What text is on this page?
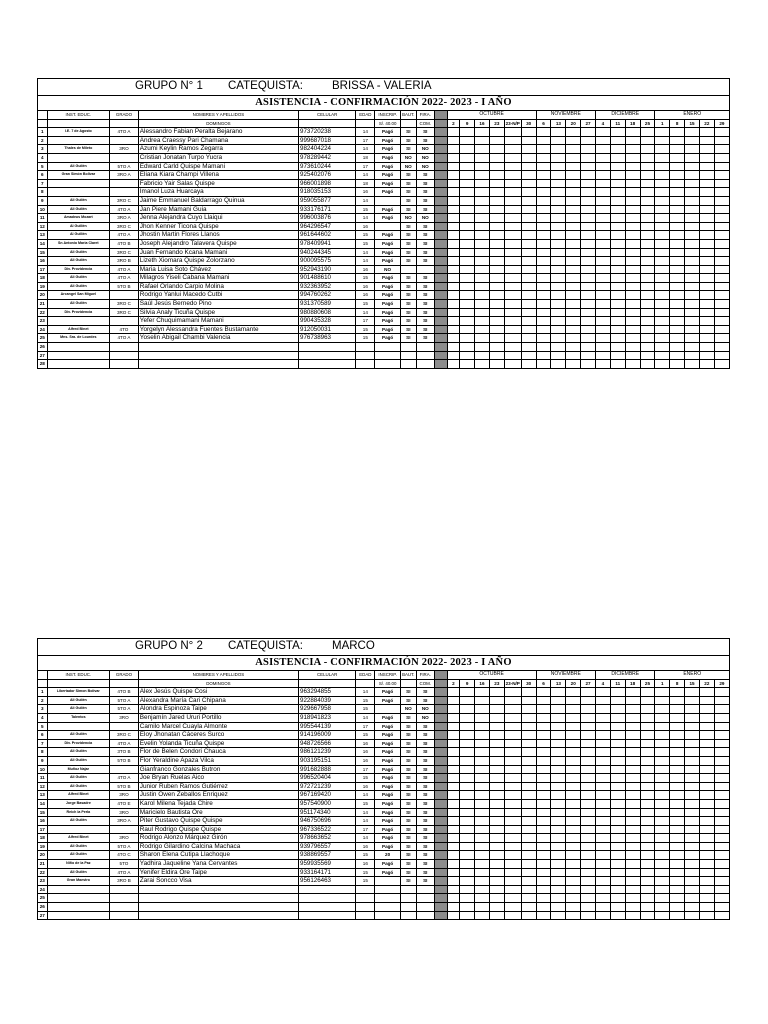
GRUPO N° 1 CATEQUISTA:	BRISSA - VALERIA
ASISTENCIA - CONFIRMACIÓN 2022- 2023 - I AÑO
	INST. EDUC.	GRADO	NOMBRES Y APELLIDOS	CELULAR	EDAD	INSCRIP.	BAUT.	FIRA.		OCTUBRE						NOVIEMBRE				DICIEMBRE				ENERO				
			DOMINGOS			S/. 40.00		COM.		2	9	16	23	23-N/P	30	6	13	20	27	4	11	18	25	1	8	15	22	29
1	I.E. 7 de Agosto	4TO A	Alessandro Fabian Peralta Bejarano	973720238	14	Pagó	SI	SI																				
2			Andrea Craessy Pari Chamana	999687018	17	Pagó	SI	SI																				
3	Thales de Mileto	3RO	Azumi Keylin Ramos Zegarra	982404224	14	Pagó	SI	NO																				
4			Cristian Jonatan Turpo Yucra	978289442	18	Pagó	NO	NO																				
5	Ali Guilén	5TO A	Edward Carld Quispe Mamani	973610244	17	Pagó	NO	NO																				
6	Gran Simón Bolivar	3RO A	Eliana Kiara Champi Villena	925402076	14	Pagó	SI	SI																				
7			Fabricio Yair Salas Quispe	966001898	18	Pagó	SI	SI																				
8			Imanol Luza Huarcaya	918035153	16	Pagó	SI	SI																				
9	Ali Guilén	3RO C	Jaime Emmanuel Baldarrago Quinua	959055877	14		SI	SI																				
10	Ali Guilén	4TO A	Jan Piere Mamani Guia	933176171	15	Pagó	SI	SI																				
11	Amadeus Mozart	3RO A	Jenna Alejandra Cuyo Llaiqui	996003876	14	Pagó	NO	NO																				
12	Al Guillén	3RO C	Jhon Kenner Ticona Quispe	964296547	16		SI	SI																				
13	Al Guillén	4TO A	Jhostin Martin Flores Llanos	961644602	15	Pagó	SI	SI																				
14	Sn Antonio Maria Claret	4TO B	Joseph Alejandro Talavera Quispe	978409941	15	Pagó	SI	SI																				
15	Ali Guilén	3RO C	Juan Fernando Kcana Mamani	940244345	14	Pagó	SI	SI																				
16	Ali Guilén	3RO B	Lizeth Xiomara Quispe Zolorzano	900095575	14	Pagó	SI	SI																				
17	Div. Providencia	4TO A	Maria Luisa Soto Chávez	952943190	16	NO																						
18	Ali Guilén	4TO A	Milagros Yiseli Cabana Mamani	901488610	15	Pagó	SI	SI																				
19	Ali Guilén	5TO B	Rafael Orlando Carpio Molina	932363952	16	Pagó	SI	SI																				
20	Arcangel San Miguel		Rodrigo Yanlui Macedo Cutbi	994760262	16	Pagó	SI	SI																				
21	Ali Guilén	3RO C	Saúl Jesús Bernedo Pino	931370589	15	Pagó	SI	SI																				
22	Div. Providencia	3RO C	Silvia Analy Ticuña Quispe	980880608	14	Pagó	SI	SI																				
23			Yefer Chuquimamani Mamani	990435328	17	Pagó	SI	SI																				
24	Alfred Binet	4TO	Yorgelyn Alessandra Fuentes Bustamante	912050031	15	Pagó	SI	SI																				
25	Mns. Sra. de Lourdes	4TO A	Yoselin Abigail Chambi Valencia	976738963	15	Pagó	SI	SI																				
26																												
27																												
28																												
GRUPO N° 2 CATEQUISTA:	MARCO
ASISTENCIA - CONFIRMACIÓN 2022- 2023 - I AÑO
	INST. EDUC.	GRADO	NOMBRES Y APELLIDOS	CELULAR	EDAD	INSCRIP.	BAUT.	FIRA.		OCTUBRE						NOVIEMBRE				DICIEMBRE				ENERO				
			DOMINGOS			S/. 40.00		COM.		2	9	16	23	23-N/P	30	6	13	20	27	4	11	18	25	1	8	15	22	29
1	Libertador Simon Bolivar	4TO B	Alex Jesús Quispe Cosi	963294855	14	Pagó	SI	SI																				
2	Ali Guilén	5TO A	Alexandra María Cari Chipana	922884039	15	Pagó	SI	SI																				
3	Ali Guilén	5TO A	Alondra Espinoza Taipe	929667958	15		NO	NO																				
4	Talentos	3RO	Benjamín Jared Ururi Portillo	918941823	14	Pagó	SI	NO																				
5			Camilo Marcel Cuayla Almonte	995544139	17	Pagó	SI	SI																				
6	Ali Guilén	3RO C	Eloy Jhonatan Cáceres Surco	914196009	15	Pagó	SI	SI																				
7	Div. Providencia	4TO A	Evelin Yolanda Ticuña Quispe	948726566	16	Pagó	SI	SI																				
8	Ali Guilén	3TO B	Flor de Belen Condori Chauca	986121239	16	Pagó	SI	SI																				
9	Ali Guilén	5TO B	Flor Yeraldine Apaza Vilca	903195151	16	Pagó	SI	SI																				
10	Muñoz Najar		Gianfranco Gonzales Butron	991682888	17	Pagó	SI	SI																				
11	Ali Guilén	4TO A	Joe Bryan Ruelas Aico	996520404	15	Pagó	SI	SI																				
12	Ali Guilén	5TO B	Junior Ruben Ramos Gutiérrez	972721239	16	Pagó	SI	SI																				
13	Alfred Binet	3RO	Justin Owen Zeballos Enriquez	967169420	14	Pagó	SI	SI																				
14	Jorge Basadre	4TO E	Karol Milena Tejada Chire	957540900	15	Pagó	SI	SI																				
15	Reich la Perla	3RO	Maricielo Bautista Ore	951174340	14	Pagó	SI	SI																				
16	Ali Guilén	3RO A	Piter Gustavo Quispe Quispe	946750696	14	Pagó	SI	SI																				
17			Raul Rodrigo Quispe Quispe	967336522	17	Pagó	SI	SI																				
18	Alfred Binet	3RO	Rodrigo Alonzo Márquez Girón	978663652	14	Pagó	SI	SI																				
19	Ali Guilén	5TO A	Rodrigo Gilardino Calcina Machaca	939796557	16	Pagó	SI	SI																				
20	Ali Guilén	4TO C	Sharon Elena Cutipa Llachoque	938869557	15	20	SI	SI																				
21	Niño de la Paz	5TO	Yadhira Jaqueline Yana Cervantes	959935569	16	Pagó	SI	SI																				
22	Ali Guilén	4TO A	Yenifer Eldira Ore Taipe	933164171	15	Pagó	SI	SI																				
23	Gran Maestro	3RO B	Zarai Soncco Visa	956126463	15		SI	SI																				
24																												
25																												
26																												
27																												
